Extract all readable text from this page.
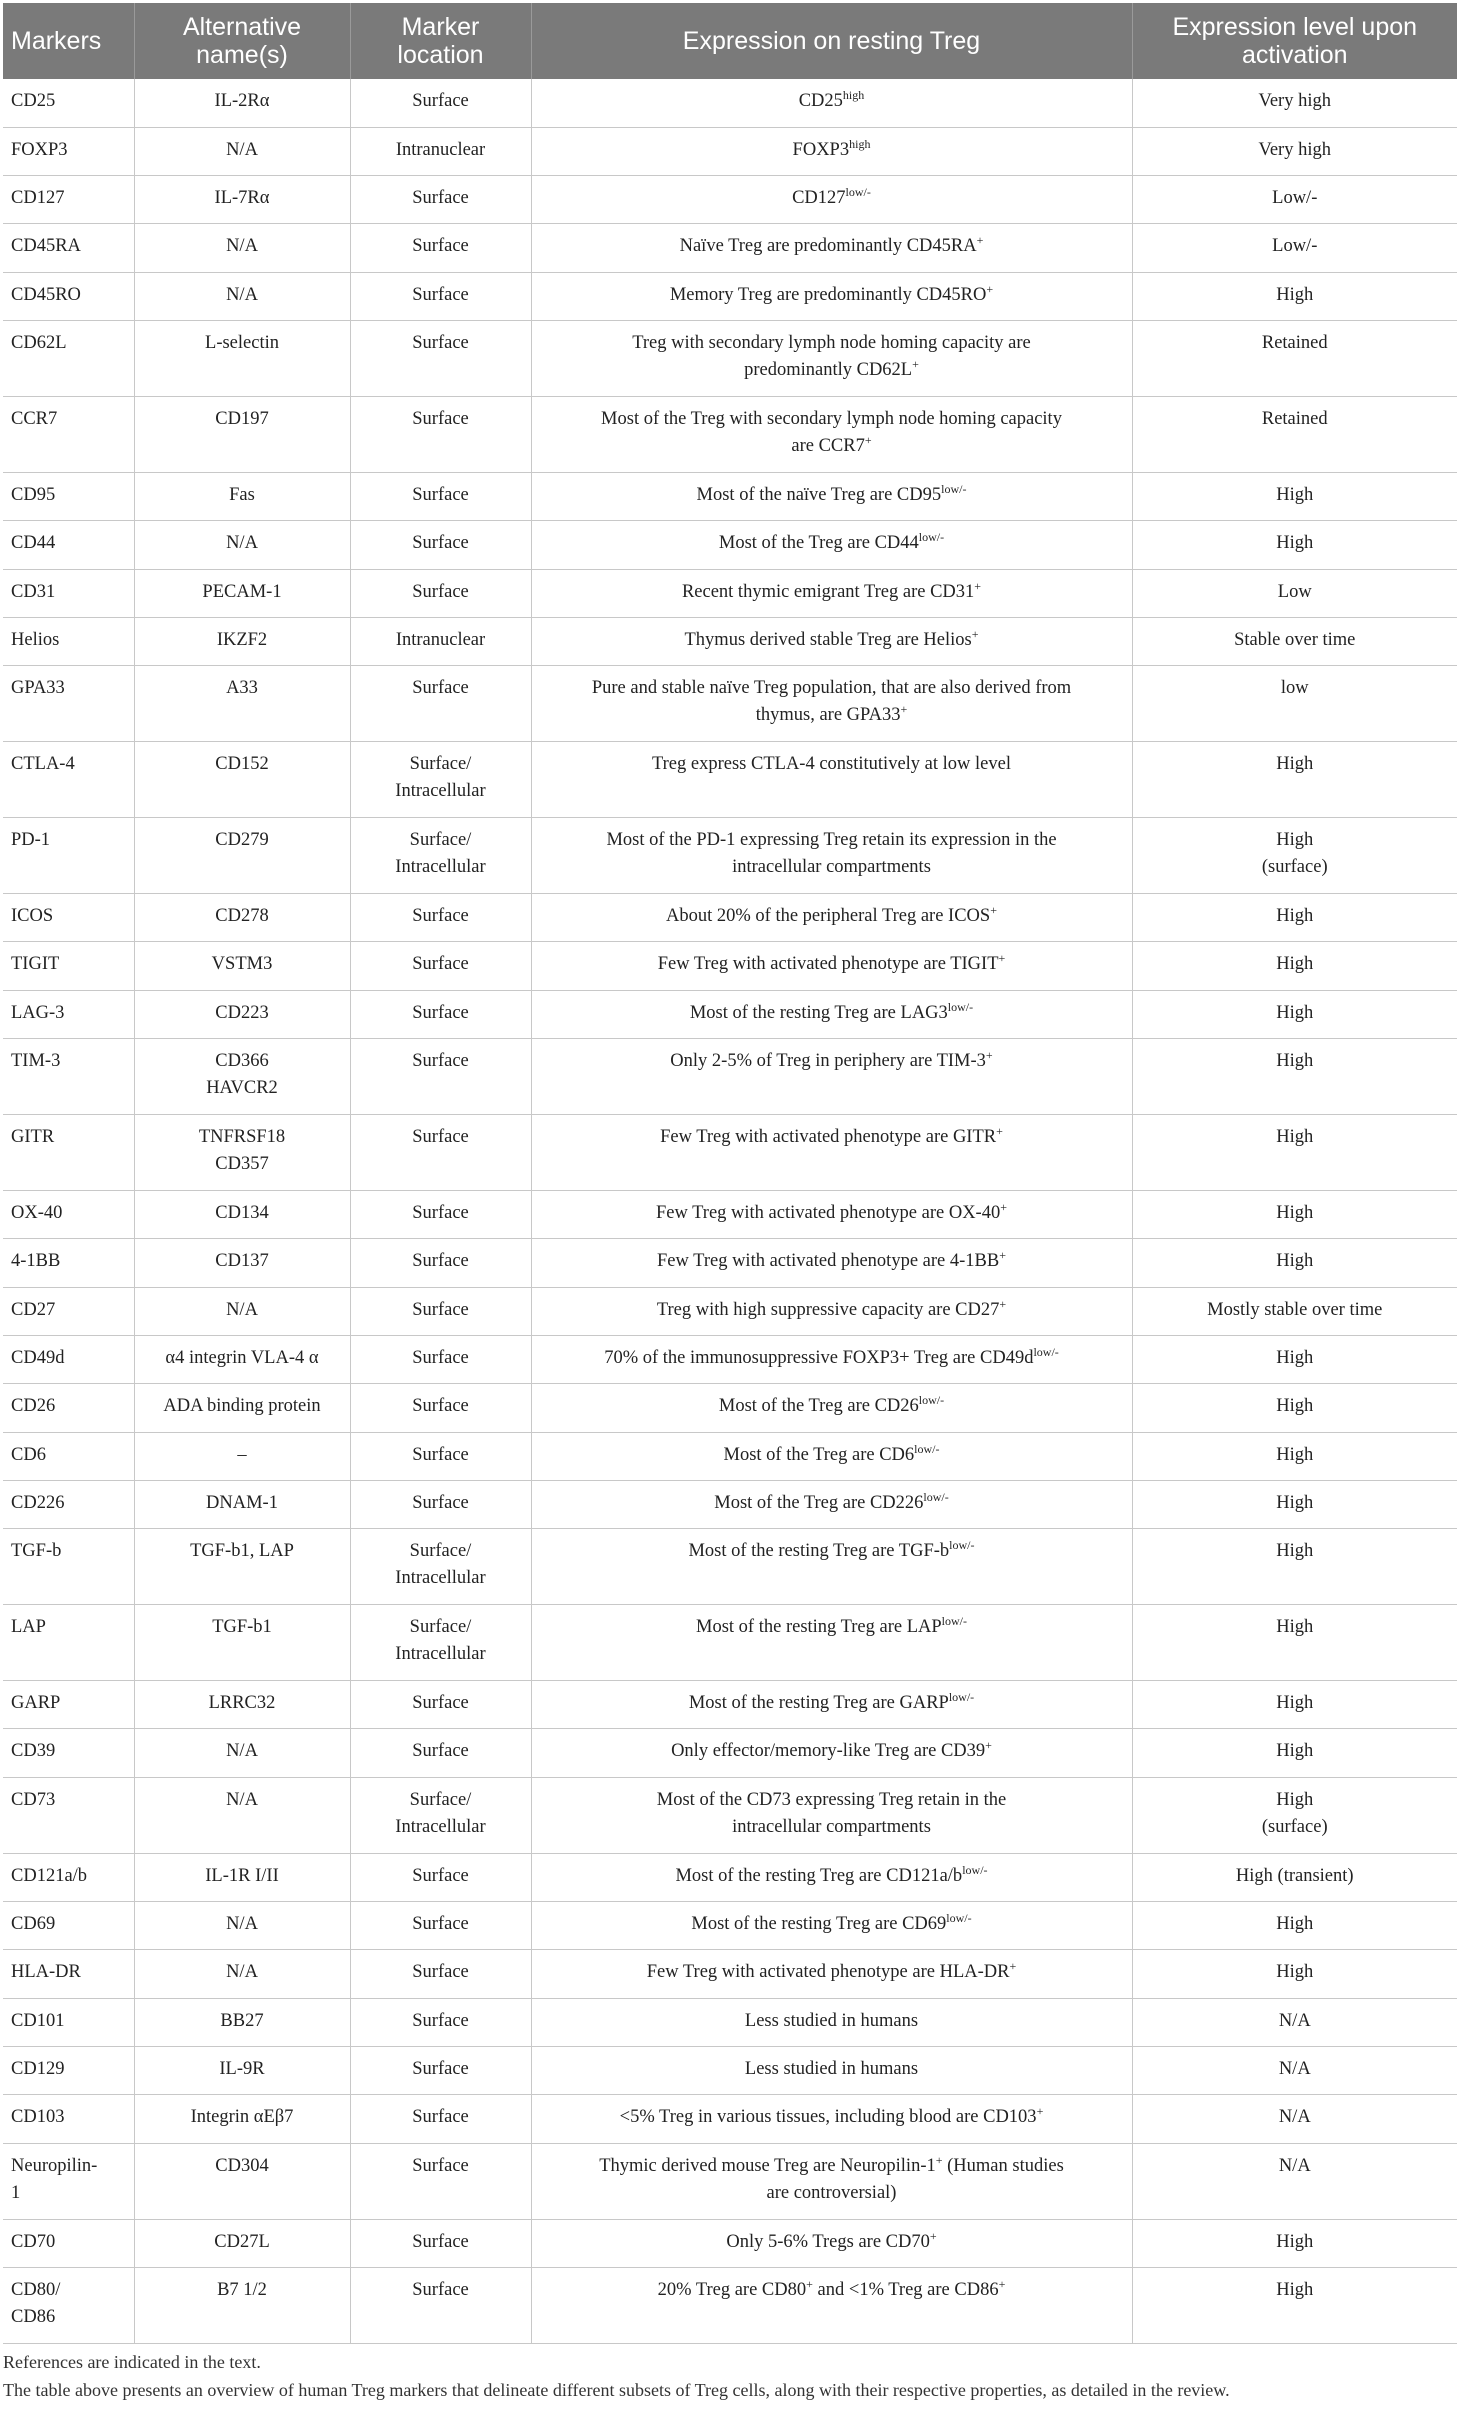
Markers	Alternative name(s)	Marker location	Expression on resting Treg	Expression level upon activation

CD25	IL-2Rα	Surface	$CD25^{high}$	Very high

FOXP3	N/A	Intranuclear	$FOXP3^{high}$	Very high

CD127	IL-7Rα	Surface	$CD127^{low/-}$	Low/-

CD45RA	N/A	Surface	Naïve Treg are predominantly CD45RA+	Low/-

CD45RO	N/A	Surface	Memory Treg are predominantly CD45RO+	High

CD62L	L-selectin	Surface	Treg with secondary lymph node homing capacity are
predominantly CD62L+	Retained

CCR7	CD197	Surface	Most of the Treg with secondary lymph node homing capacity
are CCR7+	Retained

CD95	Fas	Surface	Most of the naïve Treg are $CD95^{low/-}$	High

CD44	N/A	Surface	Most of the Treg are $CD44^{low/-}$	High

CD31	PECAM-1	Surface	Recent thymic emigrant Treg are CD31+	Low

Helios	IKZF2	Intranuclear	Thymus derived stable Treg are Helios+	Stable over time

GPA33	A33	Surface	Pure and stable naïve Treg population, that are also derived from
thymus, are GPA33+	low

CTLA-4	CD152	Surface/
Intracellular	Treg express CTLA-4 constitutively at low level	High

PD-1	CD279	Surface/
Intracellular	Most of the PD-1 expressing Treg retain its expression in the
intracellular compartments	High
(surface)

ICOS	CD278	Surface	About 20% of the peripheral Treg are ICOS+	High

TIGIT	VSTM3	Surface	Few Treg with activated phenotype are TIGIT+	High

LAG-3	CD223	Surface	Most of the resting Treg are $LAG3^{low/-}$	High

TIM-3	CD366
HAVCR2	Surface	Only 2-5% of Treg in periphery are TIM-3+	High

GITR	TNFRSF18
CD357	Surface	Few Treg with activated phenotype are GITR+	High

OX-40	CD134	Surface	Few Treg with activated phenotype are OX-40+	High

4-1BB	CD137	Surface	Few Treg with activated phenotype are 4-1BB+	High

CD27	N/A	Surface	Treg with high suppressive capacity are CD27+	Mostly stable over time

CD49d	α4 integrin VLA-4 α	Surface	70% of the immunosuppressive FOXP3+ Treg are $CD49d^{low/-}$	High

CD26	ADA binding protein	Surface	Most of the Treg are $CD26^{low/-}$	High

CD6	–	Surface	Most of the Treg are $CD6^{low/-}$	High

CD226	DNAM-1	Surface	Most of the Treg are $CD226^{low/-}$	High

TGF-b	TGF-b1, LAP	Surface/
Intracellular	Most of the resting Treg are TGF-$b^{low/-}$	High

LAP	TGF-b1	Surface/
Intracellular	Most of the resting Treg are $LAP^{low/-}$	High

GARP	LRRC32	Surface	Most of the resting Treg are $GARP^{low/-}$	High

CD39	N/A	Surface	Only effector/memory-like Treg are CD39+	High

CD73	N/A	Surface/
Intracellular	Most of the CD73 expressing Treg retain in the
intracellular compartments	High
(surface)

CD121a/b	IL-1R I/II	Surface	Most of the resting Treg are $CD121a/b^{low/-}$	High (transient)

CD69	N/A	Surface	Most of the resting Treg are $CD69^{low/-}$	High

HLA-DR	N/A	Surface	Few Treg with activated phenotype are HLA-DR+	High

CD101	BB27	Surface	Less studied in humans	N/A

CD129	IL-9R	Surface	Less studied in humans	N/A

CD103	Integrin αEβ7	Surface	<5% Treg in various tissues, including blood are CD103+	N/A

Neuropilin-
1	CD304	Surface	Thymic derived mouse Treg are Neuropilin-1+ (Human studies
are controversial)	N/A

CD70	CD27L	Surface	Only 5-6% Tregs are CD70+	High

CD80/
CD86	B7 1/2	Surface	20% Treg are CD80+ and <1% Treg are CD86+	High
References are indicated in the text.
The table above presents an overview of human Treg markers that delineate different subsets of Treg cells, along with their respective properties, as detailed in the review.
